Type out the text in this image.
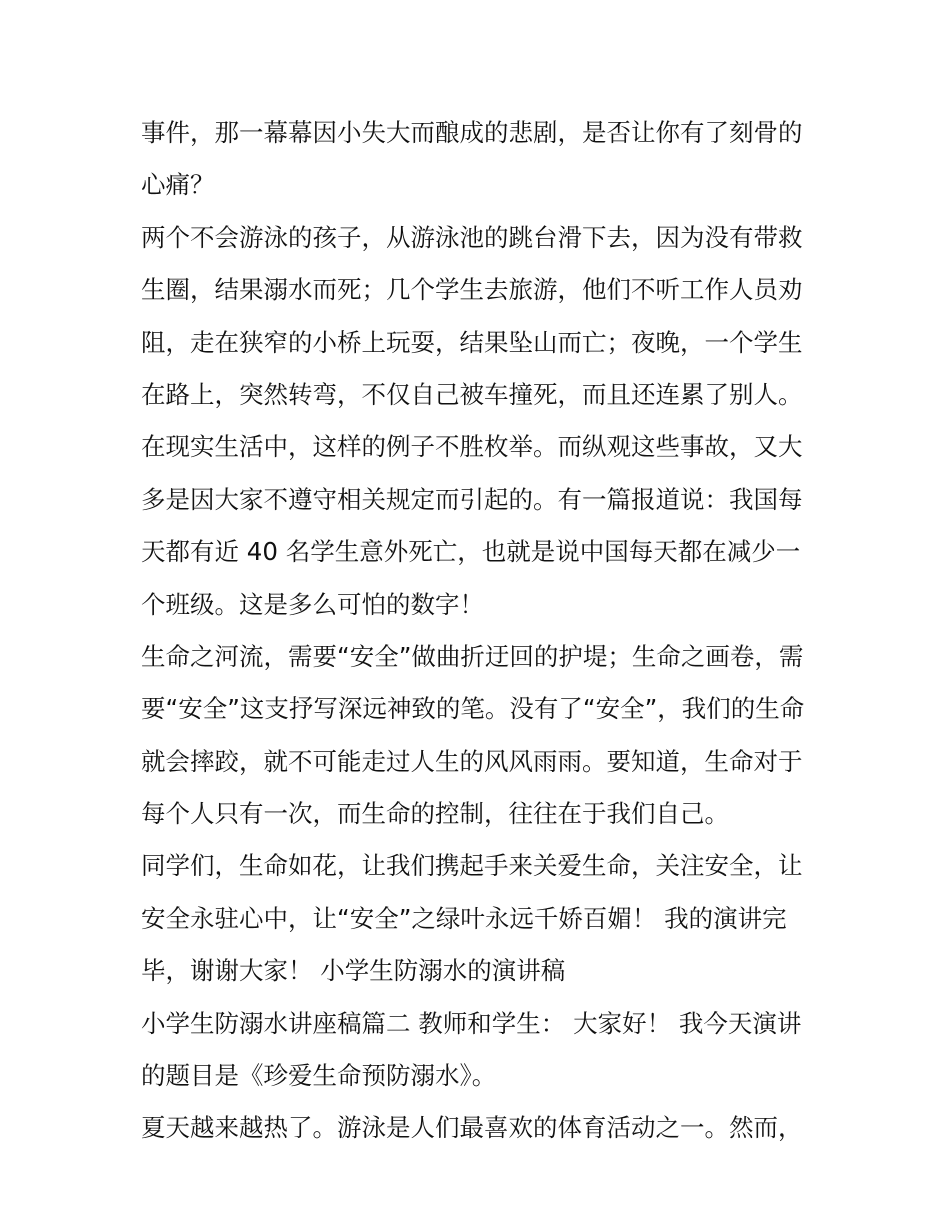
事件，那一幕幕因小失大而酿成的悲剧，是否让你有了刻骨的
心痛？
两个不会游泳的孩子，从游泳池的跳台滑下去，因为没有带救
生圈，结果溺水而死；几个学生去旅游，他们不听工作人员劝
阻，走在狭窄的小桥上玩耍，结果坠山而亡；夜晚，一个学生
在路上，突然转弯，不仅自己被车撞死，而且还连累了别人。
在现实生活中，这样的例子不胜枚举。而纵观这些事故，又大
多是因大家不遵守相关规定而引起的。有一篇报道说：我国每
天都有近 40 名学生意外死亡，也就是说中国每天都在减少一
个班级。这是多么可怕的数字！
生命之河流，需要“安全”做曲折迂回的护堤；生命之画卷，需
要“安全”这支抒写深远神致的笔。没有了“安全”，我们的生命
就会摔跤，就不可能走过人生的风风雨雨。要知道，生命对于
每个人只有一次，而生命的控制，往往在于我们自己。
同学们，生命如花，让我们携起手来关爱生命，关注安全，让
安全永驻心中，让“安全”之绿叶永远千娇百媚！ 我的演讲完
毕，谢谢大家！ 小学生防溺水的演讲稿
小学生防溺水讲座稿篇二 教师和学生： 大家好！ 我今天演讲
的题目是《珍爱生命预防溺水》。
夏天越来越热了。游泳是人们最喜欢的体育活动之一。然而，
